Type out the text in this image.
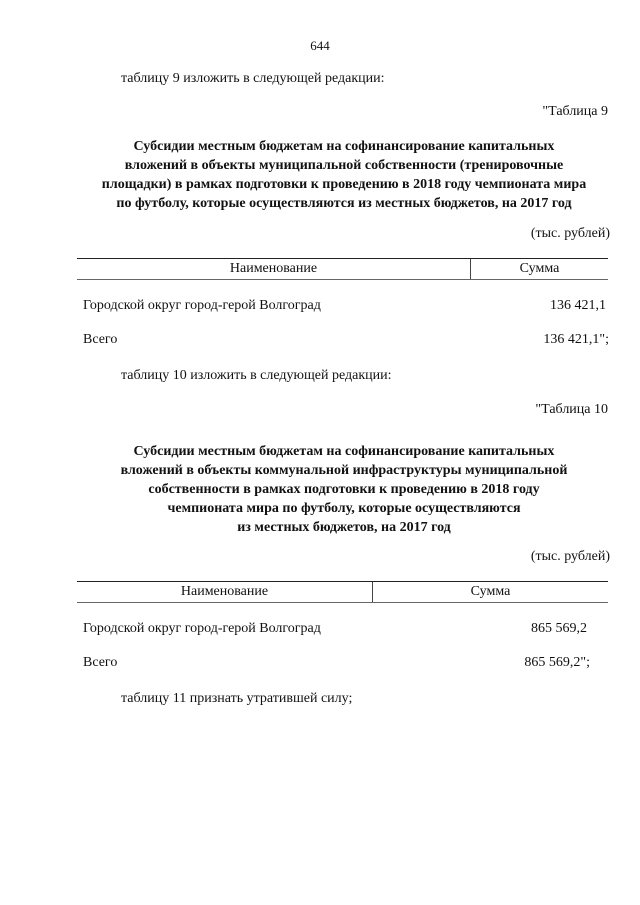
644

таблицу 9 изложить в следующей редакции:

"Таблица 9

Субсидии местным бюджетам на софинансирование капитальных
вложений в объекты муниципальной собственности (тренировочные
площадки) в рамках подготовки к проведению в 2018 году чемпионата мира
по футболу, которые осуществляются из местных бюджетов, на 2017 год

(тыс. рублей)

Наименование	Сумма

Городской округ город-герой Волгоград	136 421,1

Всего	136 421,1";

таблицу 10 изложить в следующей редакции:

"Таблица 10

Субсидии местным бюджетам на софинансирование капитальных
вложений в объекты коммунальной инфраструктуры муниципальной
собственности в рамках подготовки к проведению в 2018 году
чемпионата мира по футболу, которые осуществляются
из местных бюджетов, на 2017 год

(тыс. рублей)

Наименование	Сумма

Городской округ город-герой Волгоград	865 569,2

Всего	865 569,2";

таблицу 11 признать утратившей силу;
